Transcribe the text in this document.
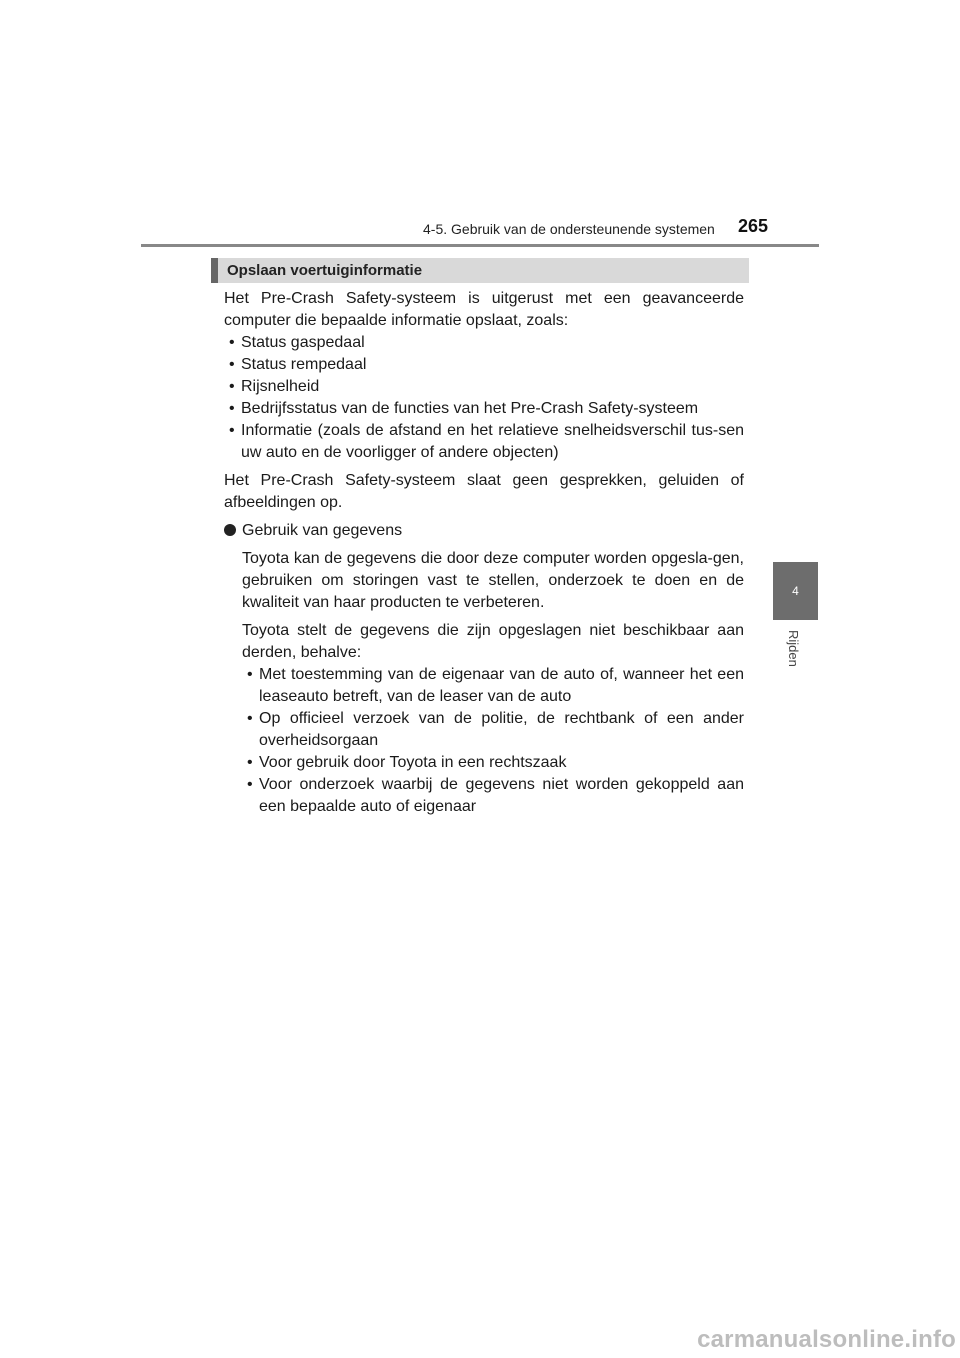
4-5. Gebruik van de ondersteunende systemen 265
4
Rijden
Opslaan voertuiginformatie

Het Pre-Crash Safety-systeem is uitgerust met een geavanceerde computer die bepaalde informatie opslaat, zoals:

• Status gaspedaal
• Status rempedaal
• Rijsnelheid
• Bedrijfsstatus van de functies van het Pre-Crash Safety-systeem
• Informatie (zoals de afstand en het relatieve snelheidsverschil tus-sen uw auto en de voorligger of andere objecten)

Het Pre-Crash Safety-systeem slaat geen gesprekken, geluiden of afbeeldingen op.

Gebruik van gegevens

Toyota kan de gegevens die door deze computer worden opgesla-gen, gebruiken om storingen vast te stellen, onderzoek te doen en de kwaliteit van haar producten te verbeteren.

Toyota stelt de gegevens die zijn opgeslagen niet beschikbaar aan derden, behalve:

• Met toestemming van de eigenaar van de auto of, wanneer het een leaseauto betreft, van de leaser van de auto
• Op officieel verzoek van de politie, de rechtbank of een ander overheidsorgaan
• Voor gebruik door Toyota in een rechtszaak
• Voor onderzoek waarbij de gegevens niet worden gekoppeld aan een bepaalde auto of eigenaar
carmanualsonline.info
